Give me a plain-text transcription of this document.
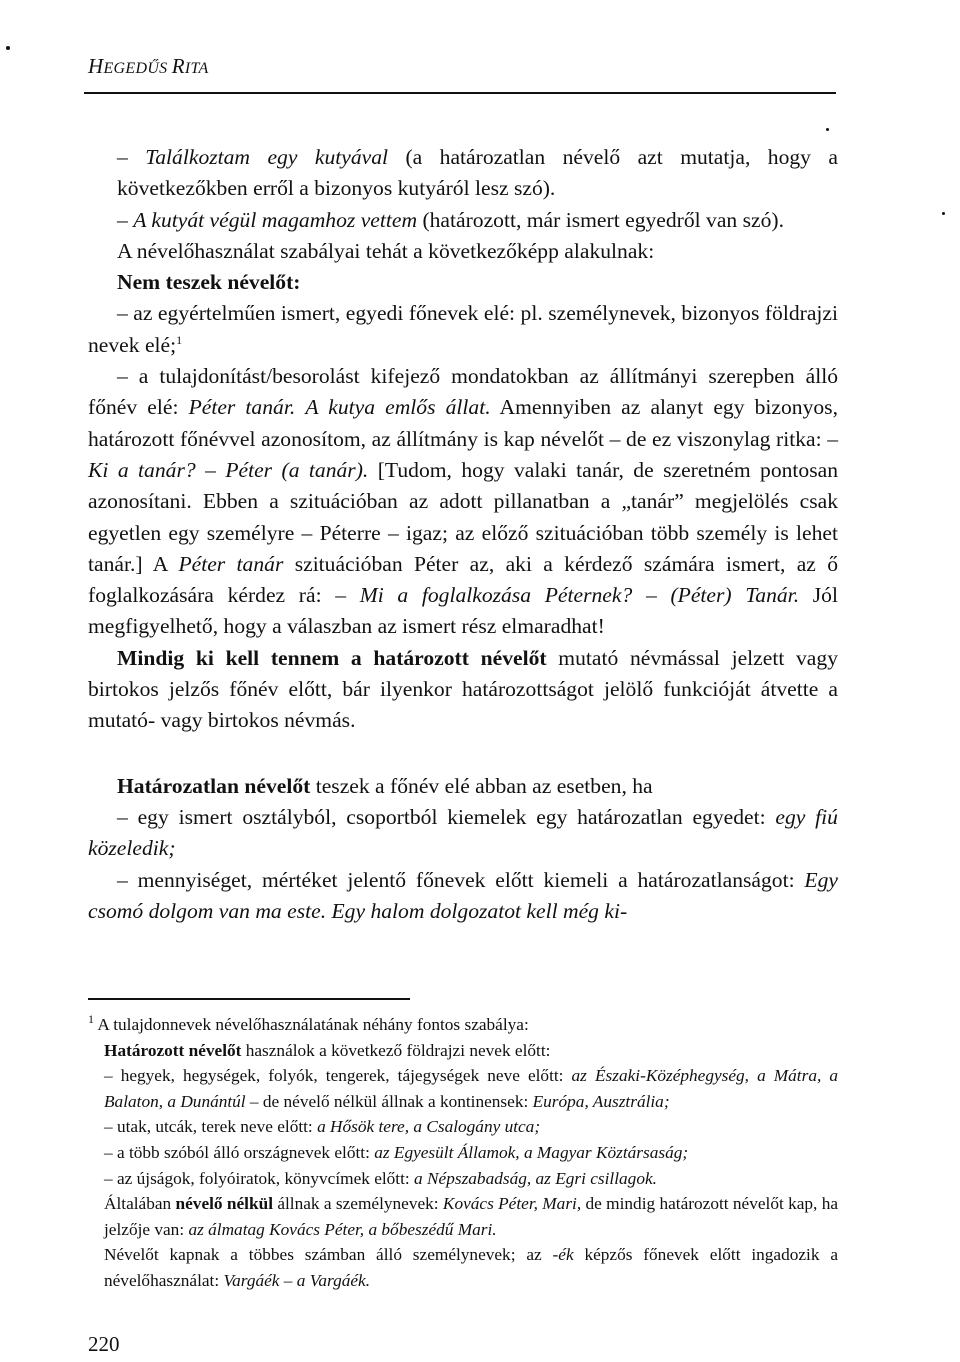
HEGEDŰS RITA

– Találkoztam egy kutyával (a határozatlan névelő azt mutatja, hogy a következőkben erről a bizonyos kutyáról lesz szó).

– A kutyát végül magamhoz vettem (határozott, már ismert egyedről van szó).

A névelőhasználat szabályai tehát a következőképp alakulnak:

Nem teszek névelőt:

– az egyértelműen ismert, egyedi főnevek elé: pl. személynevek, bizonyos földrajzi nevek elé;$^1$

– a tulajdonítást/besorolást kifejező mondatokban az állítmányi szerepben álló főnév elé: Péter tanár. A kutya emlős állat. Amennyiben az alanyt egy bizonyos, határozott főnévvel azonosítom, az állítmány is kap névelőt – de ez viszonylag ritka: – Ki a tanár? – Péter (a tanár). [Tudom, hogy valaki tanár, de szeretném pontosan azonosítani. Ebben a szituációban az adott pillanatban a „tanár” megjelölés csak egyetlen egy személyre – Péterre – igaz; az előző szituációban több személy is lehet tanár.] A Péter tanár szituációban Péter az, aki a kérdező számára ismert, az ő foglalkozására kérdez rá: – Mi a foglalkozása Péternek? – (Péter) Tanár. Jól megfigyelhető, hogy a válaszban az ismert rész elmaradhat!

Mindig ki kell tennem a határozott névelőt mutató névmással jelzett vagy birtokos jelzős főnév előtt, bár ilyenkor határozottságot jelölő funkcióját átvette a mutató- vagy birtokos névmás.

Határozatlan névelőt teszek a főnév elé abban az esetben, ha

– egy ismert osztályból, csoportból kiemelek egy határozatlan egyedet: egy fiú közeledik;

– mennyiséget, mértéket jelentő főnevek előtt kiemeli a határozatlanságot: Egy csomó dolgom van ma este. Egy halom dolgozatot kell még ki-

$^1$ A tulajdonnevek névelőhasználatának néhány fontos szabálya:

Határozott névelőt használok a következő földrajzi nevek előtt:

– hegyek, hegységek, folyók, tengerek, tájegységek neve előtt: az Északi-Középhegység, a Mátra, a Balaton, a Dunántúl – de névelő nélkül állnak a kontinensek: Európa, Ausztrália;

– utak, utcák, terek neve előtt: a Hősök tere, a Csalogány utca;

– a több szóból álló országnevek előtt: az Egyesült Államok, a Magyar Köztársaság;

– az újságok, folyóiratok, könyvcímek előtt: a Népszabadság, az Egri csillagok.

Általában névelő nélkül állnak a személynevek: Kovács Péter, Mari, de mindig határozott névelőt kap, ha jelzője van: az álmatag Kovács Péter, a bőbeszédű Mari.

Névelőt kapnak a többes számban álló személynevek; az -ék képzős főnevek előtt ingadozik a névelőhasználat: Vargáék – a Vargáék.

220
